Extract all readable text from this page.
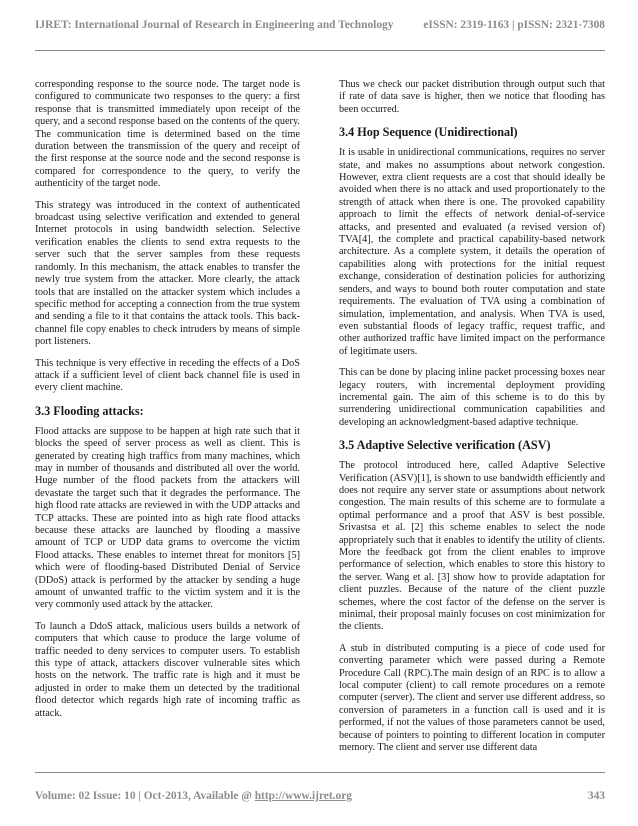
IJRET: International Journal of Research in Engineering and Technology	eISSN: 2319-1163 | pISSN: 2321-7308

corresponding response to the source node. The target node is configured to communicate two responses to the query: a first response that is transmitted immediately upon receipt of the query, and a second response based on the contents of the query. The communication time is determined based on the time duration between the transmission of the query and receipt of the first response at the source node and the second response is compared for correspondence to the query, to verify the authenticity of the target node.

This strategy was introduced in the context of authenticated broadcast using selective verification and extended to general Internet protocols in using bandwidth selection. Selective verification enables the clients to send extra requests to the server such that the server samples from these requests randomly. In this mechanism, the attack enables to transfer the newly true system from the attacker. More clearly, the attack tools that are installed on the attacker system which includes a specific method for accepting a connection from the true system and sending a file to it that contains the attack tools. This back-channel file copy enables to check intruders by means of simple port listeners.

This technique is very effective in receding the effects of a DoS attack if a sufficient level of client back channel file is used in every client machine.

3.3 Flooding attacks:

Flood attacks are suppose to be happen at high rate such that it blocks the speed of server process as well as client. This is generated by creating high traffics from many machines, which may in number of thousands and distributed all over the world. Huge number of the flood packets from the attackers will devastate the target such that it degrades the performance. The high flood rate attacks are reviewed in with the UDP attacks and TCP attacks. These are pointed into as high rate flood attacks because these attacks are launched by flooding a massive amount of TCP or UDP data grams to overcome the victim Flood attacks. These enables to internet threat for monitors [5] which were of flooding-based Distributed Denial of Service (DDoS) attack is performed by the attacker by sending a huge amount of unwanted traffic to the victim system and it is the very commonly used attack by the attacker.

To launch a DdoS attack, malicious users builds a network of computers that which cause to produce the large volume of traffic needed to deny services to computer users. To establish this type of attack, attackers discover vulnerable sites which hosts on the network. The traffic rate is high and it must be adjusted in order to make them un detected by the traditional flood detector which regards high rate of incoming traffic as attack.

Thus we check our packet distribution through output such that if rate of data save is higher, then we notice that flooding has been occurred.

3.4 Hop Sequence (Unidirectional)

It is usable in unidirectional communications, requires no server state, and makes no assumptions about network congestion. However, extra client requests are a cost that should ideally be avoided when there is no attack and used proportionately to the strength of attack when there is one. The provoked capability approach to limit the effects of network denial-of-service attacks, and presented and evaluated (a revised version of) TVA[4], the complete and practical capability-based network architecture. As a complete system, it details the operation of capabilities along with protections for the initial request exchange, consideration of destination policies for authorizing senders, and ways to bound both router computation and state requirements. The evaluation of TVA using a combination of simulation, implementation, and analysis. When TVA is used, even substantial floods of legacy traffic, request traffic, and other authorized traffic have limited impact on the performance of legitimate users.

This can be done by placing inline packet processing boxes near legacy routers, with incremental deployment providing incremental gain. The aim of this scheme is to do this by surrendering unidirectional communication capabilities and developing an acknowledgment-based adaptive technique.

3.5 Adaptive Selective verification (ASV)

The protocol introduced here, called Adaptive Selective Verification (ASV)[1], is shown to use bandwidth efficiently and does not require any server state or assumptions about network congestion. The main results of this scheme are to formulate a optimal performance and a proof that ASV is best possible. Srivastsa et al. [2] this scheme enables to select the node appropriately such that it enables to identify the utility of clients. More the feedback got from the client enables to improve performance of selection, which enables to store this history to the server. Wang et al. [3] show how to provide adaptation for client puzzles. Because of the nature of the client puzzle schemes, where the cost factor of the defense on the server is minimal, their proposal mainly focuses on cost minimization for the clients.

A stub in distributed computing is a piece of code used for converting parameter which were passed during a Remote Procedure Call (RPC).The main design of an RPC is to allow a local computer (client) to call remote procedures on a remote computer (server). The client and server use different address, so conversion of parameters in a function call is used and it is performed, if not the values of those parameters cannot be used, because of pointers to pointing to different location in computer memory. The client and server use different data

Volume: 02 Issue: 10 | Oct-2013, Available @ http://www.ijret.org	343
